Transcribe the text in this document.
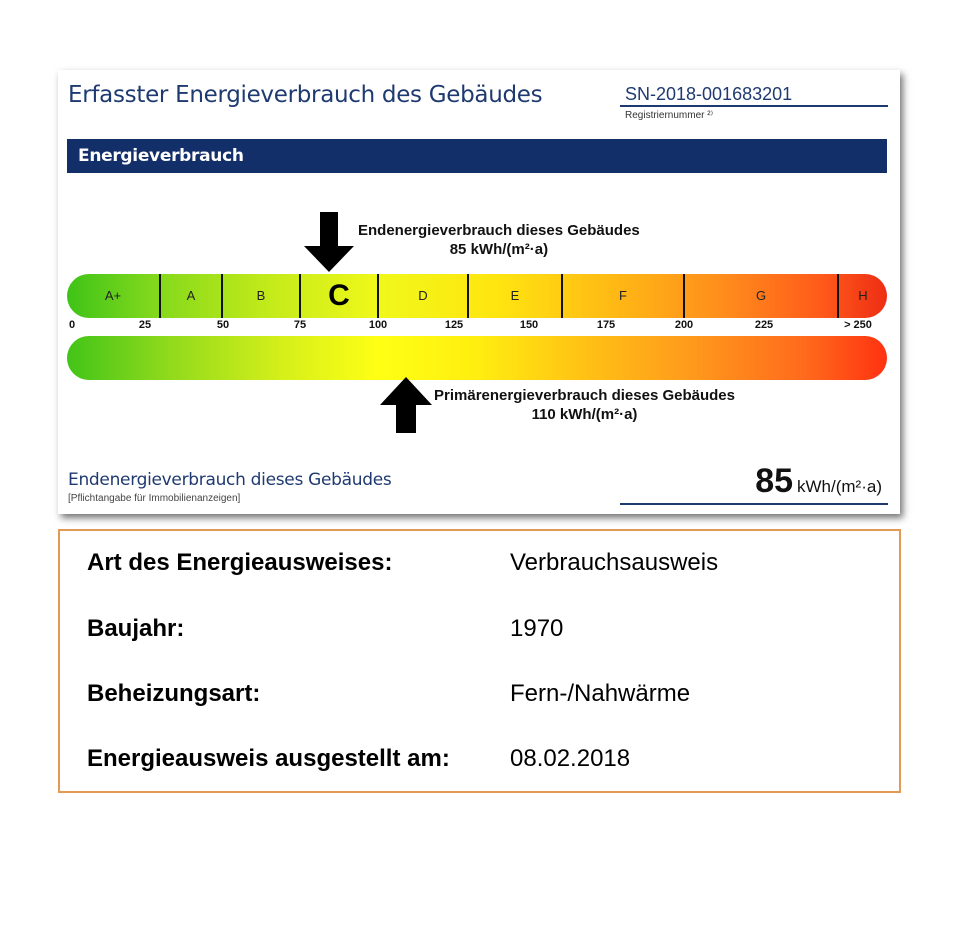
Erfasster Energieverbrauch des Gebäudes	SN-2018-001683201
Registriernummer ²⁾
Energieverbrauch
Endenergieverbrauch dieses Gebäudes
85 kWh/(m²·a)
A+	A	B	C	D	E	F	G	H
0	25	50	75	100	125	150	175	200	225	> 250
Primärenergieverbrauch dieses Gebäudes
110 kWh/(m²·a)
Endenergieverbrauch dieses Gebäudes
[Pflichtangabe für Immobilienanzeigen]	85 kWh/(m²·a)
Art des Energieausweises:	Verbrauchsausweis
Baujahr:	1970
Beheizungsart:	Fern-/Nahwärme
Energieausweis ausgestellt am:	08.02.2018
